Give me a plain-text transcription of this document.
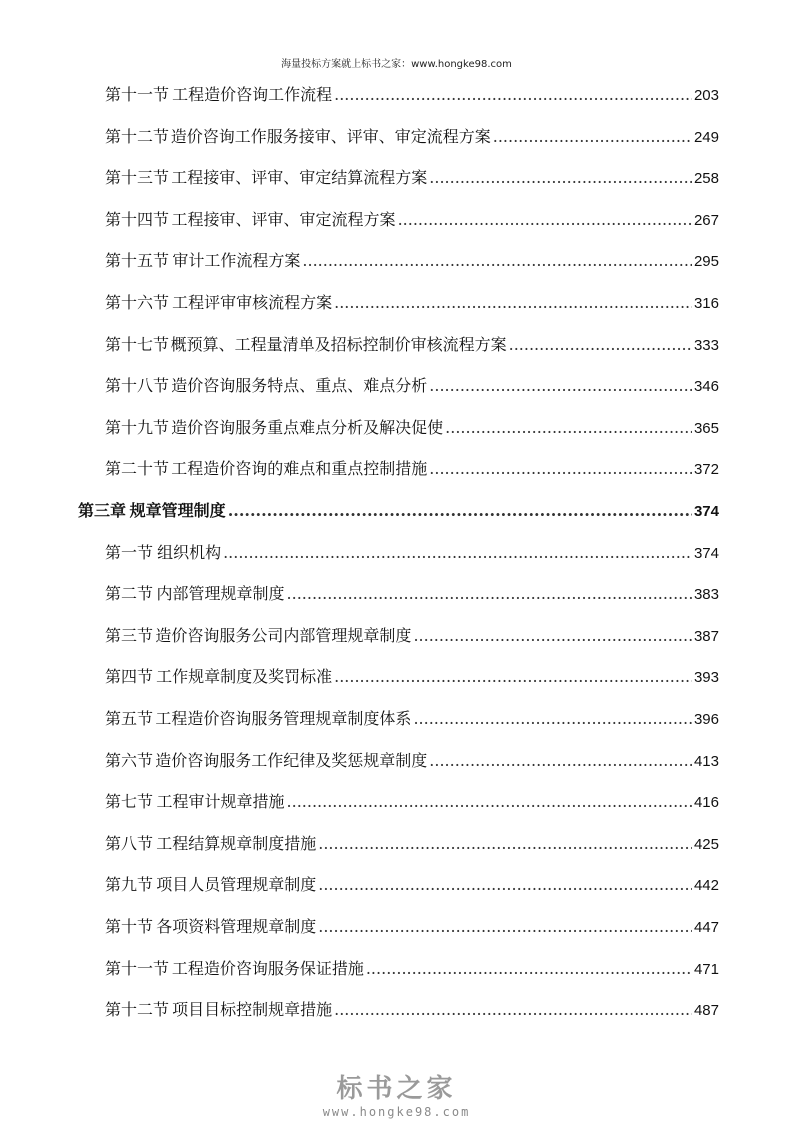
海量投标方案就上标书之家：www.hongke98.com
第十一节 工程造价咨询工作流程 .....	203
第十二节 造价咨询工作服务接审、评审、审定流程方案 .....	249
第十三节 工程接审、评审、审定结算流程方案 .....	258
第十四节 工程接审、评审、审定流程方案 .....	267
第十五节 审计工作流程方案 .....	295
第十六节 工程评审审核流程方案 .....	316
第十七节 概预算、工程量清单及招标控制价审核流程方案 .....	333
第十八节 造价咨询服务特点、重点、难点分析 .....	346
第十九节 造价咨询服务重点难点分析及解决促使 .....	365
第二十节 工程造价咨询的难点和重点控制措施 .....	372
第三章 规章管理制度 .....	374
第一节 组织机构 .....	374
第二节 内部管理规章制度 .....	383
第三节 造价咨询服务公司内部管理规章制度 .....	387
第四节 工作规章制度及奖罚标准 .....	393
第五节 工程造价咨询服务管理规章制度体系 .....	396
第六节 造价咨询服务工作纪律及奖惩规章制度 .....	413
第七节 工程审计规章措施 .....	416
第八节 工程结算规章制度措施 .....	425
第九节 项目人员管理规章制度 .....	442
第十节 各项资料管理规章制度 .....	447
第十一节 工程造价咨询服务保证措施 .....	471
第十二节 项目目标控制规章措施 .....	487
标书之家
www.hongke98.com
